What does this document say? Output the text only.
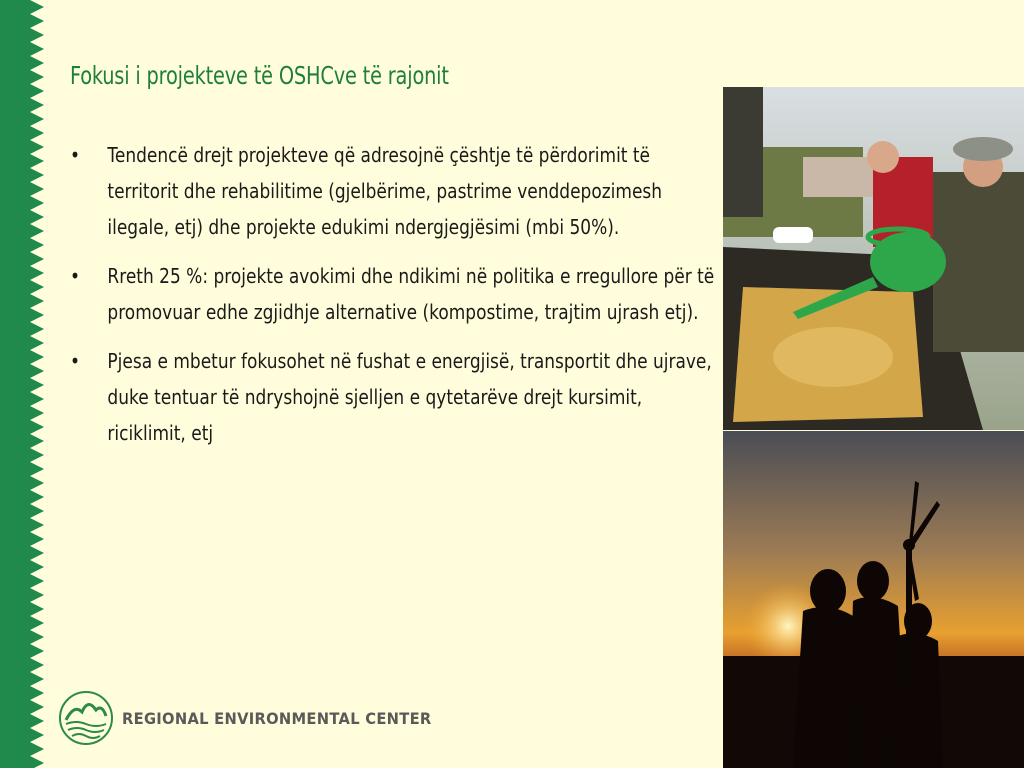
Fokusi i projekteve të OSHCve të rajonit
• Tendencë drejt projekteve që adresojnë çështje të përdorimit të territorit dhe rehabilitime (gjelbërime, pastrime venddepozimesh ilegale, etj) dhe projekte edukimi ndergjegjësimi (mbi 50%).
• Rreth 25 %: projekte avokimi dhe ndikimi në politika e rregullore për të promovuar edhe zgjidhje alternative (kompostime, trajtim ujrash etj).
• Pjesa e mbetur fokusohet në fushat e energjisë, transportit dhe ujrave, duke tentuar të ndryshojnë sjelljen e qytetarëve drejt kursimit, riciklimit, etj
REGIONAL ENVIRONMENTAL CENTER
